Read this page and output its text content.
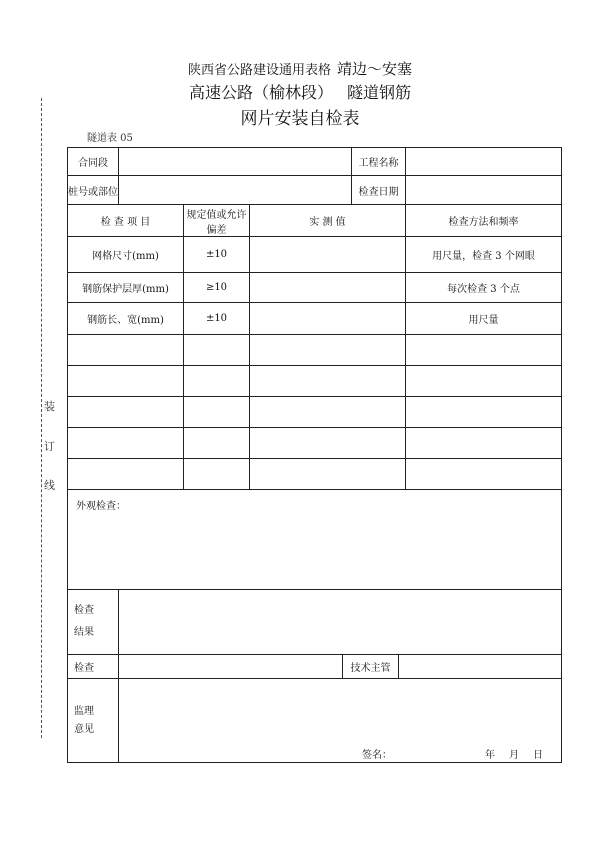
陕西省公路建设通用表格 靖边～安塞
高速公路（榆林段） 隧道钢筋
网片安装自检表
隧道表 05
装
订
线
合同段					工程名称		
桩号或部位					检查日期		
检 查 项 目		规定值或允许偏差	实 测 值				检查方法和频率
网格尺寸(mm)		±10					用尺量，检查 3 个网眼
钢筋保护层厚(mm)		≥10					每次检查 3 个点
钢筋长、宽(mm)		±10					用尺量

外观检查：							
检查
结果							
检查				技术主管			
监理
意见	签名： 年 月 日						
